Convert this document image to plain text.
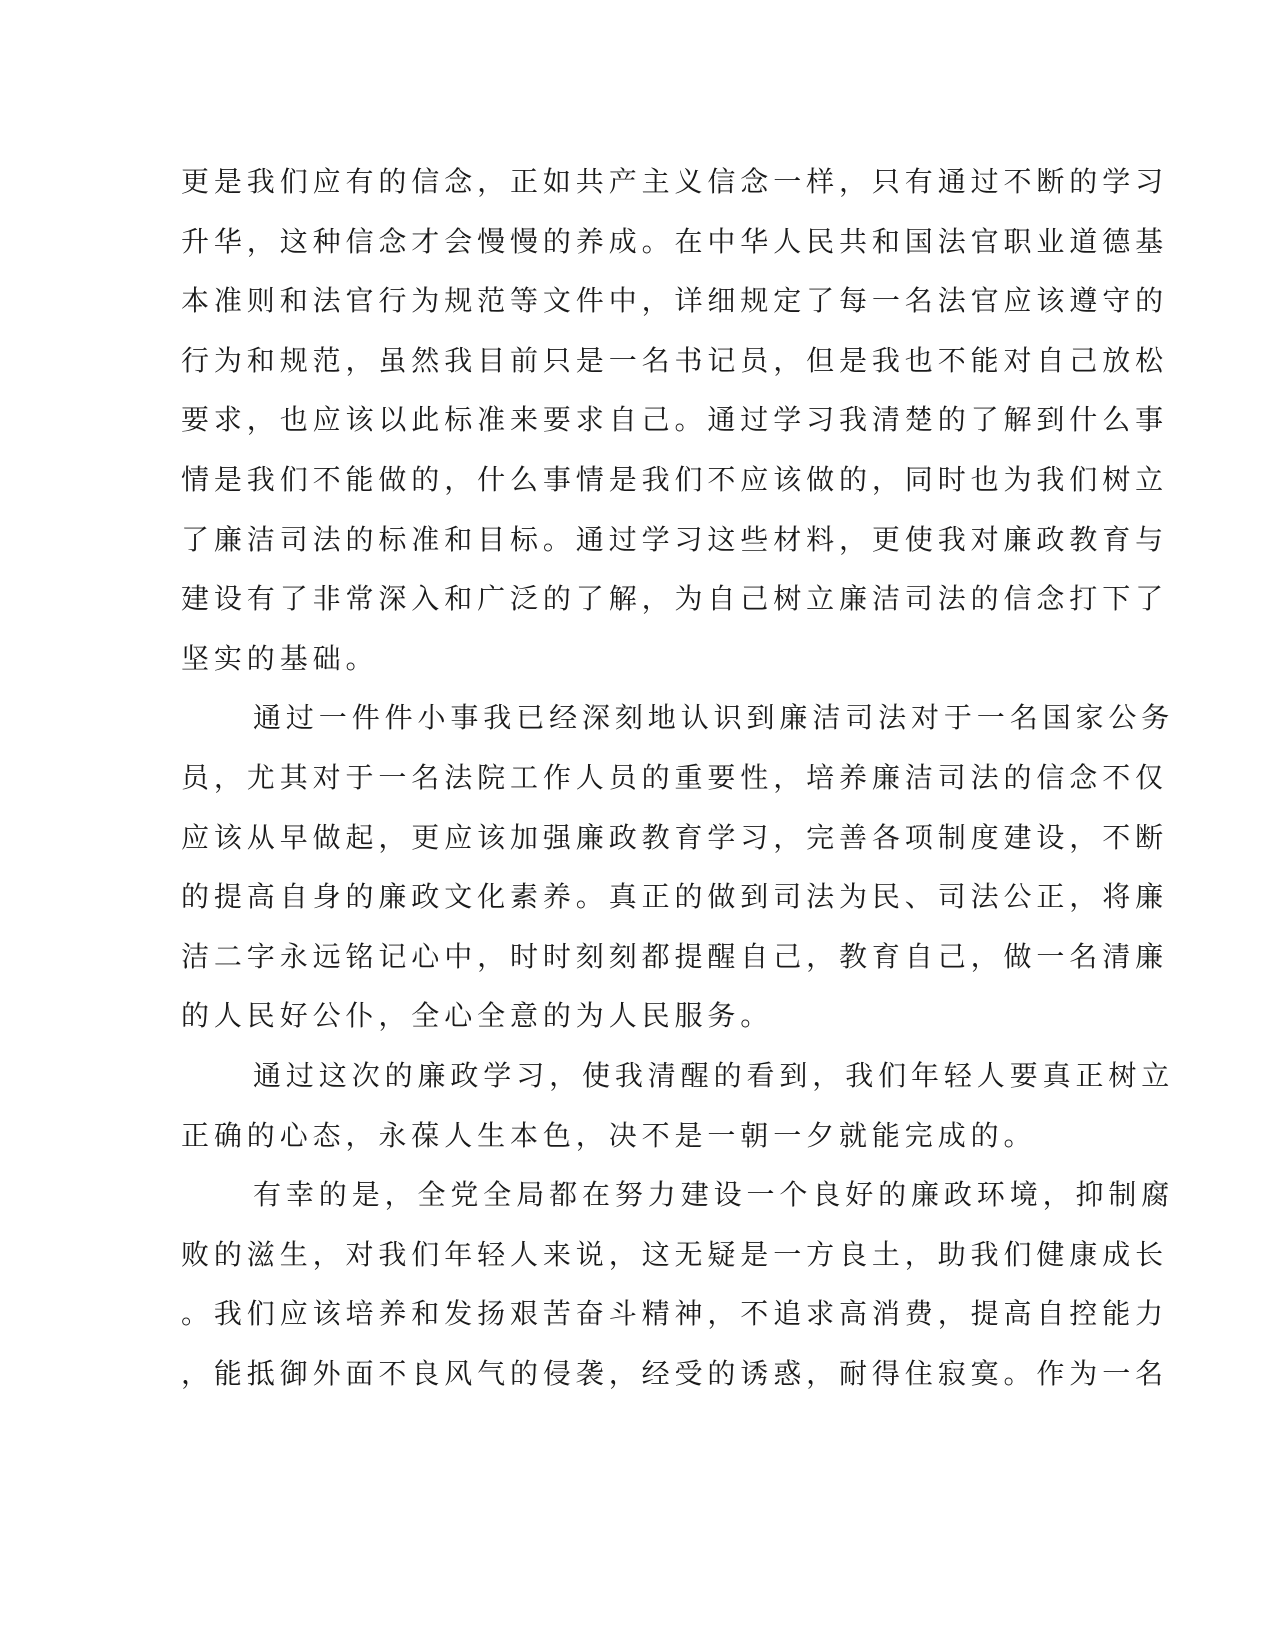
更是我们应有的信念，正如共产主义信念一样，只有通过不断的学习
升华，这种信念才会慢慢的养成。在中华人民共和国法官职业道德基
本准则和法官行为规范等文件中，详细规定了每一名法官应该遵守的
行为和规范，虽然我目前只是一名书记员，但是我也不能对自己放松
要求，也应该以此标准来要求自己。通过学习我清楚的了解到什么事
情是我们不能做的，什么事情是我们不应该做的，同时也为我们树立
了廉洁司法的标准和目标。通过学习这些材料，更使我对廉政教育与
建设有了非常深入和广泛的了解，为自己树立廉洁司法的信念打下了
坚实的基础。
通过一件件小事我已经深刻地认识到廉洁司法对于一名国家公务
员，尤其对于一名法院工作人员的重要性，培养廉洁司法的信念不仅
应该从早做起，更应该加强廉政教育学习，完善各项制度建设，不断
的提高自身的廉政文化素养。真正的做到司法为民、司法公正，将廉
洁二字永远铭记心中，时时刻刻都提醒自己，教育自己，做一名清廉
的人民好公仆，全心全意的为人民服务。
通过这次的廉政学习，使我清醒的看到，我们年轻人要真正树立
正确的心态，永葆人生本色，决不是一朝一夕就能完成的。
有幸的是，全党全局都在努力建设一个良好的廉政环境，抑制腐
败的滋生，对我们年轻人来说，这无疑是一方良土，助我们健康成长
。我们应该培养和发扬艰苦奋斗精神，不追求高消费，提高自控能力
，能抵御外面不良风气的侵袭，经受的诱惑，耐得住寂寞。作为一名
